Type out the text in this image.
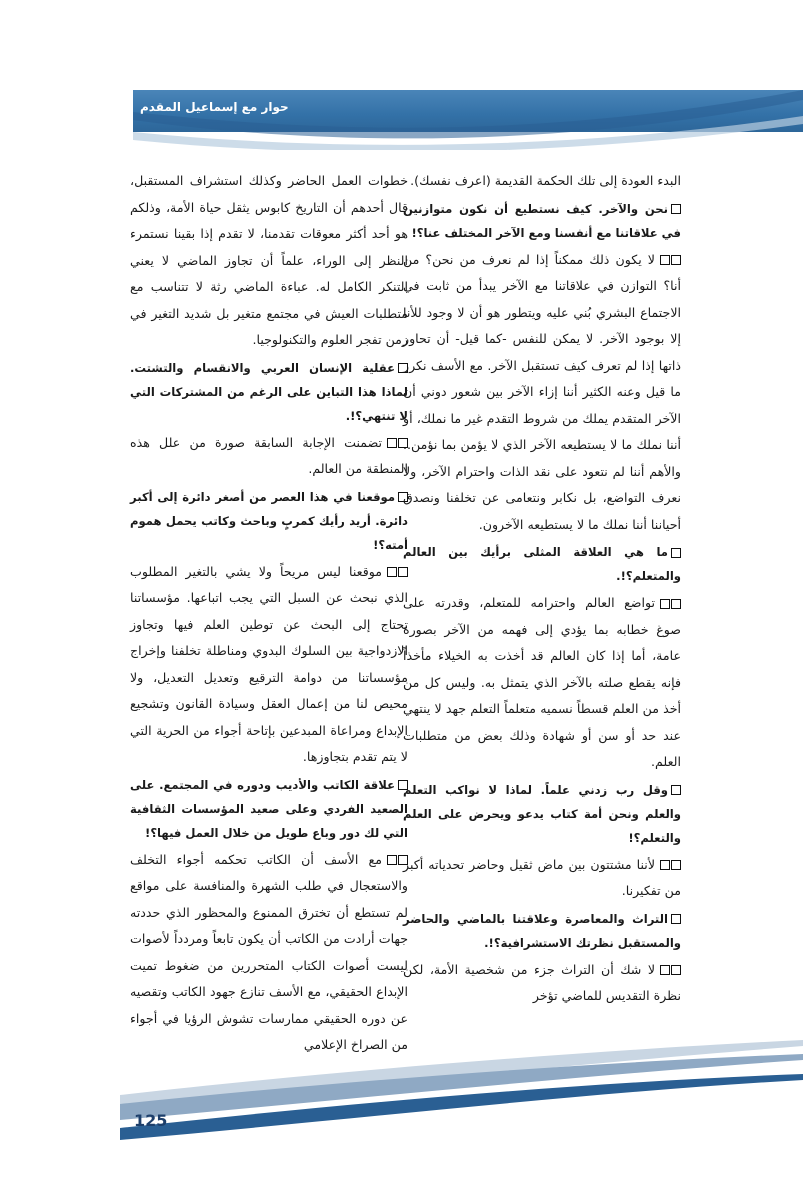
حوار مع إسماعيل المقدم

البدء العودة إلى تلك الحكمة القديمة (اعرف نفسك).

نحن والآخر. كيف نستطيع أن نكون متوازنين في علاقاتنا مع أنفسنا ومع الآخر المختلف عنا؟!

لا يكون ذلك ممكناً إذا لم نعرف من نحن؟ من أنا؟ التوازن في علاقاتنا مع الآخر يبدأ من ثابت في الاجتماع البشري بُني عليه ويتطور هو أن لا وجود للأنا إلا بوجود الآخر. لا يمكن للنفس -كما قيل- أن تحاور ذاتها إذا لم تعرف كيف تستقبل الآخر. مع الأسف نكرر ما قيل وعنه الكثير أننا إزاء الآخر بين شعور دوني أن الآخر المتقدم يملك من شروط التقدم غير ما نملك، أو أننا نملك ما لا يستطيعه الآخر الذي لا يؤمن بما نؤمن.. والأهم أننا لم نتعود على نقد الذات واحترام الآخر، ولا نعرف التواضع، بل نكابر ونتعامى عن تخلفنا ونصدق أحياننا أننا نملك ما لا يستطيعه الآخرون.

ما هي العلاقة المثلى برأيك بين العالم والمتعلم؟!.

تواضع العالم واحترامه للمتعلم، وقدرته على صوغ خطابه بما يؤدي إلى فهمه من الآخر بصورة عامة، أما إذا كان العالم قد أخذت به الخيلاء مأخذاً فإنه يقطع صلته بالآخر الذي يتمثل به. وليس كل من أخذ من العلم قسطاً نسميه متعلماً التعلم جهد لا ينتهي عند حد أو سن أو شهادة وذلك بعض من متطلبات العلم.

وقل رب زدني علماً. لماذا لا نواكب التعلم والعلم ونحن أمة كتاب يدعو ويحرض على العلم والتعلم؟!

لأننا مشتتون بين ماض ثقيل وحاضر تحدياته أكبر من تفكيرنا.

التراث والمعاصرة وعلاقتنا بالماضي والحاضر والمستقبل نظرتك الاستشرافية؟!.

لا شك أن التراث جزء من شخصية الأمة، لكن نظرة التقديس للماضي تؤخر

خطوات العمل الحاضر وكذلك استشراف المستقبل، قال أحدهم أن التاريخ كابوس يثقل حياة الأمة، وذلكم هو أحد أكثر معوقات تقدمنا، لا تقدم إذا بقينا نستمرء النظر إلى الوراء، علماً أن تجاوز الماضي لا يعني التنكر الكامل له. عباءة الماضي رثة لا تتناسب مع متطلبات العيش في مجتمع متغير بل شديد التغير في زمن تفجر العلوم والتكنولوجيا.

عقلية الإنسان العربي والانقسام والتشتت. لماذا هذا التباين على الرغم من المشتركات التي لا تنتهي؟!.

تضمنت الإجابة السابقة صورة من علل هذه المنطقة من العالم.

موقعنا في هذا العصر من أصغر دائرة إلى أكبر دائرة. أريد رأيك كمربٍ وباحث وكاتب يحمل هموم أمته؟!

موقعنا ليس مريحاً ولا يشي بالتغير المطلوب الذي نبحث عن السبل التي يجب اتباعها. مؤسساتنا تحتاج إلى البحث عن توطين العلم فيها وتجاوز الازدواجية بين السلوك البدوي ومناطلة تخلفنا وإخراج مؤسساتنا من دوامة الترقيع وتعديل التعديل، ولا محيص لنا من إعمال العقل وسيادة القانون وتشجيع الإبداع ومراعاة المبدعين بإتاحة أجواء من الحرية التي لا يتم تقدم بتجاوزها.

علاقة الكاتب والأديب ودوره في المجتمع. على الصعيد الفردي وعلى صعيد المؤسسات الثقافية التي لك دور وباع طويل من خلال العمل فيها؟!

مع الأسف أن الكاتب تحكمه أجواء التخلف والاستعجال في طلب الشهرة والمنافسة على مواقع لم تستطع أن تخترق الممنوع والمحظور الذي حددته جهات أرادت من الكاتب أن يكون تابعاً ومردداً لأصوات ليست أصوات الكتاب المتحررين من ضغوط تميت الإبداع الحقيقي، مع الأسف تنازع جهود الكاتب وتقصيه عن دوره الحقيقي ممارسات تشوش الرؤيا في أجواء من الصراخ الإعلامي

125
